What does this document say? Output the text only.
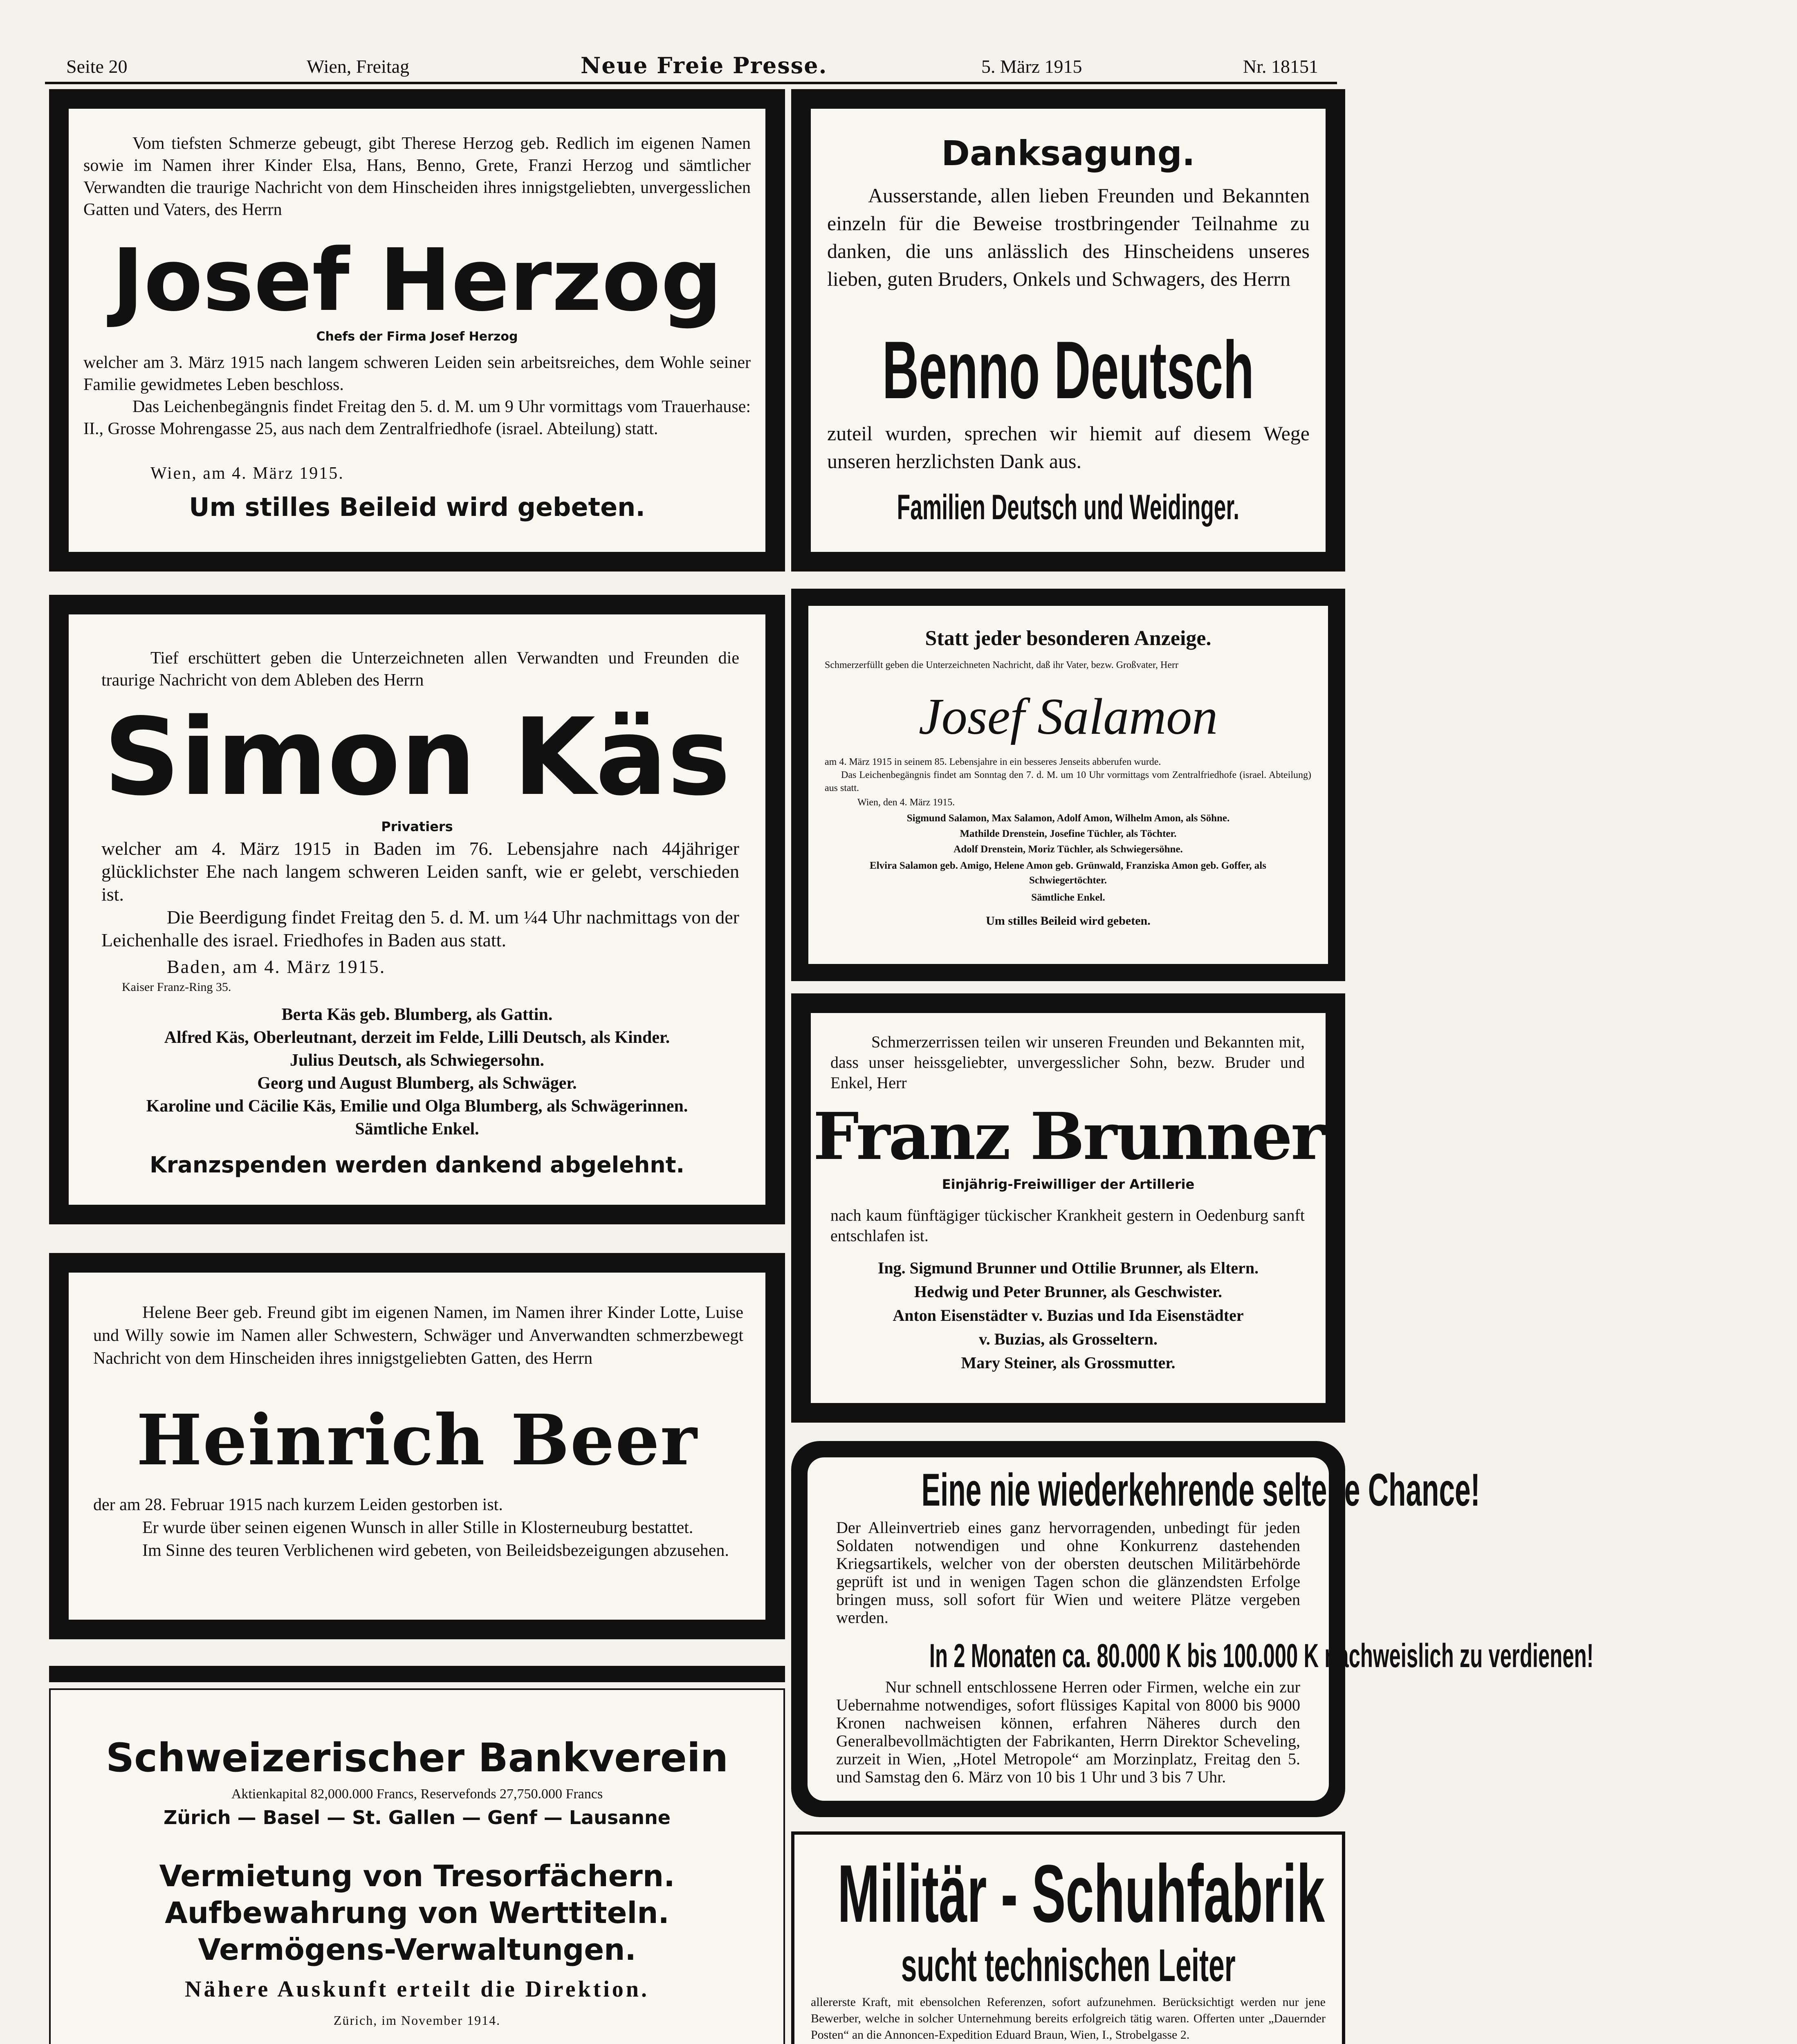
Seite 20	Wien, Freitag	Neue Freie Presse.	5. März 1915	Nr. 18151
Vom tiefsten Schmerze gebeugt, gibt Therese Herzog geb. Redlich im eigenen Namen sowie im Namen ihrer Kinder Elsa, Hans, Benno, Grete, Franzi Herzog und sämtlicher Verwandten die traurige Nachricht von dem Hinscheiden ihres innigstgeliebten, unvergesslichen Gatten und Vaters, des Herrn
Josef Herzog
Chefs der Firma Josef Herzog
welcher am 3. März 1915 nach langem schweren Leiden sein arbeitsreiches, dem Wohle seiner Familie gewidmetes Leben beschloss.
Das Leichenbegängnis findet Freitag den 5. d. M. um 9 Uhr vormittags vom Trauerhause: II., Grosse Mohrengasse 25, aus nach dem Zentralfriedhofe (israel. Abteilung) statt.
Wien, am 4. März 1915.
Um stilles Beileid wird gebeten.
Danksagung.
Ausserstande, allen lieben Freunden und Bekannten einzeln für die Beweise trostbringender Teilnahme zu danken, die uns anlässlich des Hinscheidens unseres lieben, guten Bruders, Onkels und Schwagers, des Herrn
Benno Deutsch
zuteil wurden, sprechen wir hiemit auf diesem Wege unseren herzlichsten Dank aus.
Familien Deutsch und Weidinger.
Tief erschüttert geben die Unterzeichneten allen Verwandten und Freunden die traurige Nachricht von dem Ableben des Herrn
Simon Käs
Privatiers
welcher am 4. März 1915 in Baden im 76. Lebensjahre nach 44jähriger glücklichster Ehe nach langem schweren Leiden sanft, wie er gelebt, verschieden ist.
Die Beerdigung findet Freitag den 5. d. M. um ¼4 Uhr nachmittags von der Leichenhalle des israel. Friedhofes in Baden aus statt.
Baden, am 4. März 1915.
Kaiser Franz-Ring 35.
Berta Käs geb. Blumberg, als Gattin.
Alfred Käs, Oberleutnant, derzeit im Felde, Lilli Deutsch, als Kinder.
Julius Deutsch, als Schwiegersohn.
Georg und August Blumberg, als Schwäger.
Karoline und Cäcilie Käs, Emilie und Olga Blumberg, als Schwägerinnen.
Sämtliche Enkel.
Kranzspenden werden dankend abgelehnt.
Statt jeder besonderen Anzeige.
Schmerzerfüllt geben die Unterzeichneten Nachricht, daß ihr Vater, bezw. Großvater, Herr
Josef Salamon
am 4. März 1915 in seinem 85. Lebensjahre in ein besseres Jenseits abberufen wurde.
Das Leichenbegängnis findet am Sonntag den 7. d. M. um 10 Uhr vormittags vom Zentralfriedhofe (israel. Abteilung) aus statt.
Wien, den 4. März 1915.
Sigmund Salamon, Max Salamon, Adolf Amon, Wilhelm Amon, als Söhne.
Mathilde Drenstein, Josefine Tüchler, als Töchter.
Adolf Drenstein, Moriz Tüchler, als Schwiegersöhne.
Elvira Salamon geb. Amigo, Helene Amon geb. Grünwald, Franziska Amon geb. Goffer, als Schwiegertöchter.
Sämtliche Enkel.
Um stilles Beileid wird gebeten.
Schmerzerrissen teilen wir unseren Freunden und Bekannten mit, dass unser heissgeliebter, unvergesslicher Sohn, bezw. Bruder und Enkel, Herr
Franz Brunner
Einjährig-Freiwilliger der Artillerie
nach kaum fünftägiger tückischer Krankheit gestern in Oedenburg sanft entschlafen ist.
Ing. Sigmund Brunner und Ottilie Brunner, als Eltern.
Hedwig und Peter Brunner, als Geschwister.
Anton Eisenstädter v. Buzias und Ida Eisenstädter
v. Buzias, als Grosseltern.
Mary Steiner, als Grossmutter.
Helene Beer geb. Freund gibt im eigenen Namen, im Namen ihrer Kinder Lotte, Luise und Willy sowie im Namen aller Schwestern, Schwäger und Anverwandten schmerzbewegt Nachricht von dem Hinscheiden ihres innigstgeliebten Gatten, des Herrn
Heinrich Beer
der am 28. Februar 1915 nach kurzem Leiden gestorben ist.
Er wurde über seinen eigenen Wunsch in aller Stille in Klosterneuburg bestattet.
Im Sinne des teuren Verblichenen wird gebeten, von Beileidsbezeigungen abzusehen.
Eine nie wiederkehrende seltene Chance!
Der Alleinvertrieb eines ganz hervorragenden, unbedingt für jeden Soldaten notwendigen und ohne Konkurrenz dastehenden Kriegsartikels, welcher von der obersten deutschen Militärbehörde geprüft ist und in wenigen Tagen schon die glänzendsten Erfolge bringen muss, soll sofort für Wien und weitere Plätze vergeben werden.
In 2 Monaten ca. 80.000 K bis 100.000 K nachweislich zu verdienen!
Nur schnell entschlossene Herren oder Firmen, welche ein zur Uebernahme notwendiges, sofort flüssiges Kapital von 8000 bis 9000 Kronen nachweisen können, erfahren Näheres durch den Generalbevollmächtigten der Fabrikanten, Herrn Direktor Scheveling, zurzeit in Wien, „Hotel Metropole“ am Morzinplatz, Freitag den 5. und Samstag den 6. März von 10 bis 1 Uhr und 3 bis 7 Uhr.
Schweizerischer Bankverein
Aktienkapital 82,000.000 Francs, Reservefonds 27,750.000 Francs
Zürich — Basel — St. Gallen — Genf — Lausanne
Vermietung von Tresorfächern.
Aufbewahrung von Werttiteln.
Vermögens-Verwaltungen.
Nähere Auskunft erteilt die Direktion.
Zürich, im November 1914.
Militär - Schuhfabrik
sucht technischen Leiter
allererste Kraft, mit ebensolchen Referenzen, sofort aufzunehmen. Berücksichtigt werden nur jene Bewerber, welche in solcher Unternehmung bereits erfolgreich tätig waren. Offerten unter „Dauernder Posten“ an die Annoncen-Expedition Eduard Braun, Wien, I., Strobelgasse 2.
